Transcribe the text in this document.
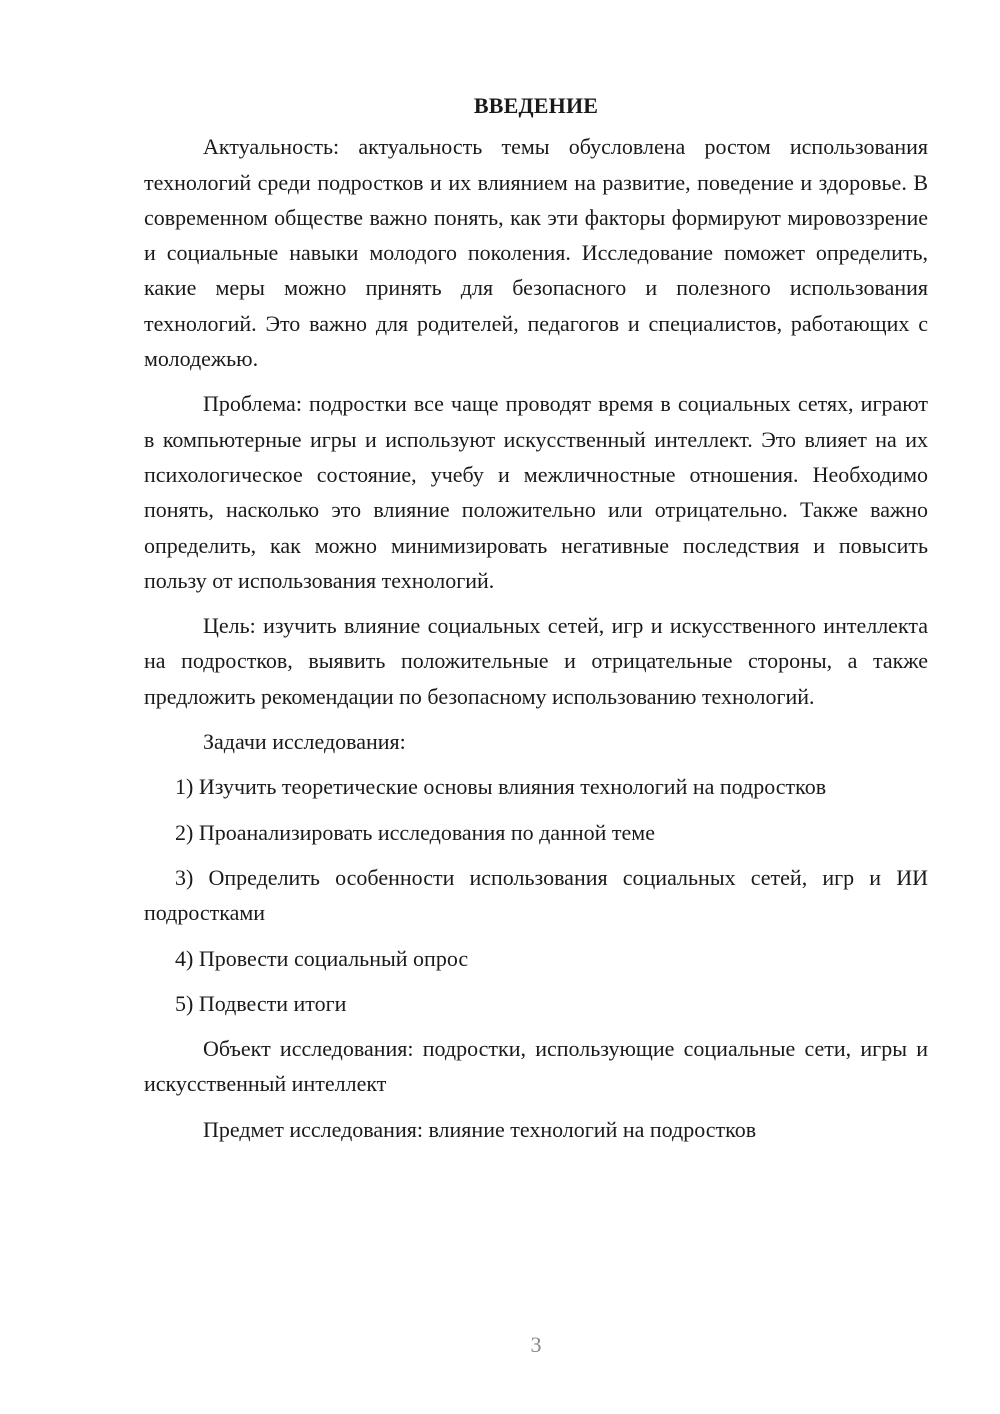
ВВЕДЕНИЕ

Актуальность: актуальность темы обусловлена ростом использования технологий среди подростков и их влиянием на развитие, поведение и здоровье. В современном обществе важно понять, как эти факторы формируют мировоззрение и социальные навыки молодого поколения. Исследование поможет определить, какие меры можно принять для безопасного и полезного использования технологий. Это важно для родителей, педагогов и специалистов, работающих с молодежью.

Проблема: подростки все чаще проводят время в социальных сетях, играют в компьютерные игры и используют искусственный интеллект. Это влияет на их психологическое состояние, учебу и межличностные отношения. Необходимо понять, насколько это влияние положительно или отрицательно. Также важно определить, как можно минимизировать негативные последствия и повысить пользу от использования технологий.

Цель: изучить влияние социальных сетей, игр и искусственного интеллекта на подростков, выявить положительные и отрицательные стороны, а также предложить рекомендации по безопасному использованию технологий.

Задачи исследования:

1) Изучить теоретические основы влияния технологий на подростков

2) Проанализировать исследования по данной теме

3) Определить особенности использования социальных сетей, игр и ИИ подростками

4) Провести социальный опрос

5) Подвести итоги

Объект исследования: подростки, использующие социальные сети, игры и искусственный интеллект

Предмет исследования: влияние технологий на подростков

3
